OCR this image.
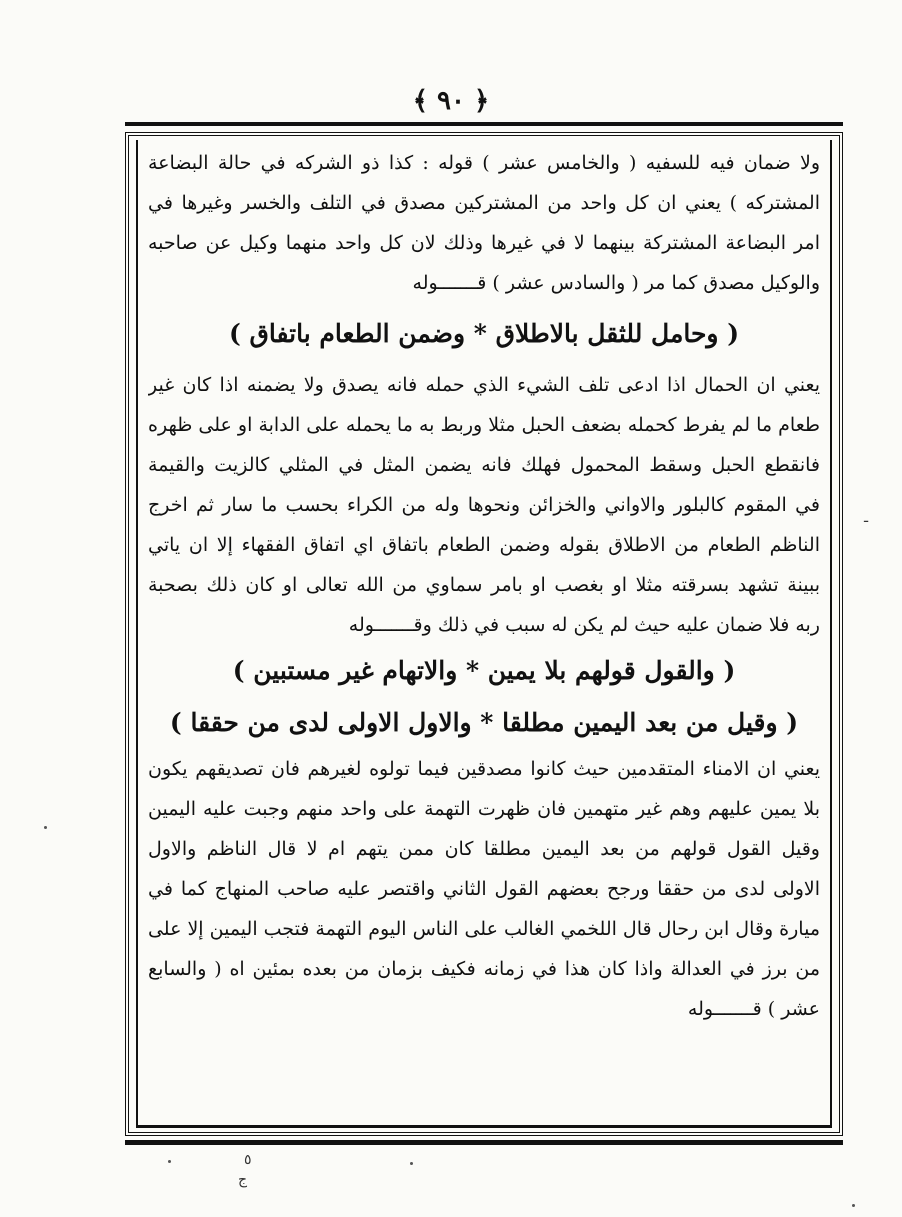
﴿ ٩٠ ﴾
ولا ضمان فيه للسفيه ( والخامس عشر ) قوله : كذا ذو الشركه في حالة البضاعة
المشتركه ) يعني ان كل واحد من المشتركين مصدق في التلف والخسر وغيرها في
امر البضاعة المشتركة بينهما لا في غيرها وذلك لان كل واحد منهما وكيل عن صاحبه
والوكيل مصدق كما مر ( والسادس عشر ) قـــــــوله
( وحامل للثقل بالاطلاق * وضمن الطعام باتفاق )
يعني ان الحمال اذا ادعى تلف الشيء الذي حمله فانه يصدق ولا يضمنه اذا كان غير
طعام ما لم يفرط كحمله بضعف الحبل مثلا وربط به ما يحمله على الدابة او على ظهره
فانقطع الحبل وسقط المحمول فهلك فانه يضمن المثل في المثلي كالزيت والقيمة
في المقوم كالبلور والاواني والخزائن ونحوها وله من الكراء بحسب ما سار ثم اخرج
الناظم الطعام من الاطلاق بقوله وضمن الطعام باتفاق اي اتفاق الفقهاء إلا ان ياتي
ببينة تشهد بسرقته مثلا او بغصب او بامر سماوي من الله تعالى او كان ذلك بصحبة
ربه فلا ضمان عليه حيث لم يكن له سبب في ذلك وقـــــــوله
( والقول قولهم بلا يمين * والاتهام غير مستبين )
( وقيل من بعد اليمين مطلقا * والاول الاولى لدى من حققا )
يعني ان الامناء المتقدمين حيث كانوا مصدقين فيما تولوه لغيرهم فان تصديقهم يكون
بلا يمين عليهم وهم غير متهمين فان ظهرت التهمة على واحد منهم وجبت عليه اليمين
وقيل القول قولهم من بعد اليمين مطلقا كان ممن يتهم ام لا قال الناظم والاول
الاولى لدى من حققا ورجح بعضهم القول الثاني واقتصر عليه صاحب المنهاج كما في
ميارة وقال ابن رحال قال اللخمي الغالب على الناس اليوم التهمة فتجب اليمين إلا على
من برز في العدالة واذا كان هذا في زمانه فكيف بزمان من بعده بمئين اه ( والسابع
عشر ) قـــــــوله
ـ
٥
ج
